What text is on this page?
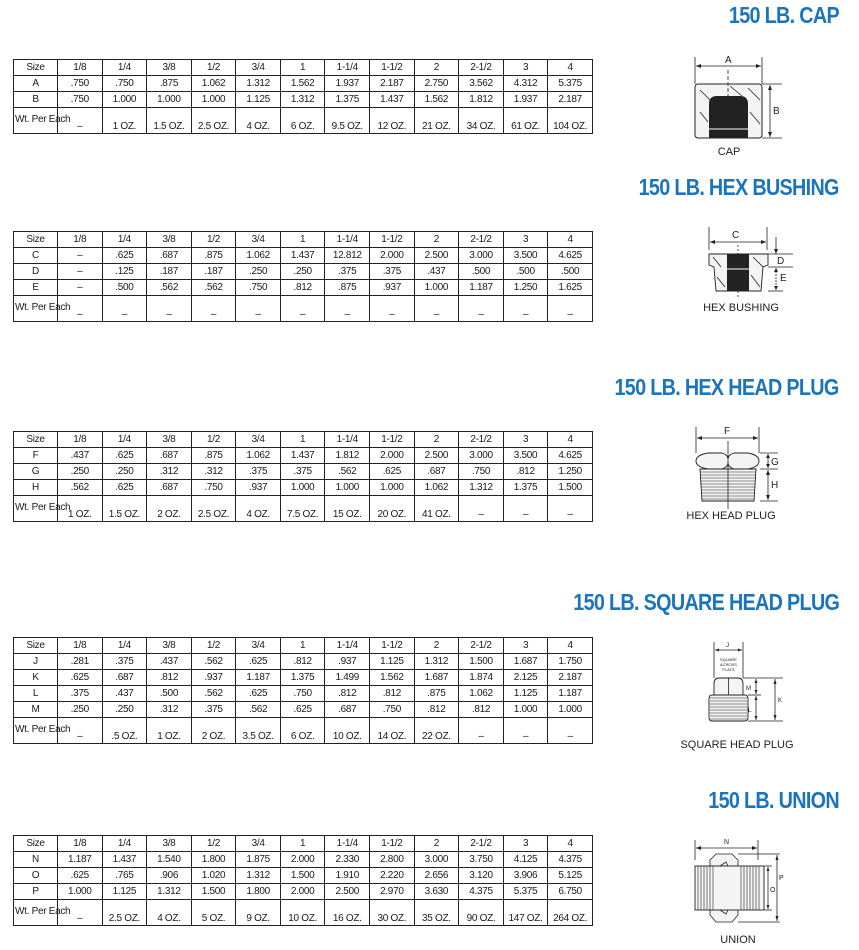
150 LB. CAP
Size	1/8	1/4	3/8	1/2	3/4	1	1-1/4	1-1/2	2	2-1/2	3	4
A	.750	.750	.875	1.062	1.312	1.562	1.937	2.187	2.750	3.562	4.312	5.375
B	.750	1.000	1.000	1.000	1.125	1.312	1.375	1.437	1.562	1.812	1.937	2.187
Wt. Per Each	–	1 OZ.	1.5 OZ.	2.5 OZ.	4 OZ.	6 OZ.	9.5 OZ.	12 OZ.	21 OZ.	34 OZ.	61 OZ.	104 OZ.
A
B
CAP
150 LB. HEX BUSHING
Size	1/8	1/4	3/8	1/2	3/4	1	1-1/4	1-1/2	2	2-1/2	3	4
C	–	.625	.687	.875	1.062	1.437	12.812	2.000	2.500	3.000	3.500	4.625
D	–	.125	.187	.187	.250	.250	.375	.375	.437	.500	.500	.500
E	–	.500	.562	.562	.750	.812	.875	.937	1.000	1.187	1.250	1.625
Wt. Per Each	–	–	–	–	–	–	–	–	–	–	–	–
C
D
E
HEX BUSHING
150 LB. HEX HEAD PLUG
Size	1/8	1/4	3/8	1/2	3/4	1	1-1/4	1-1/2	2	2-1/2	3	4
F	.437	.625	.687	.875	1.062	1.437	1.812	2.000	2.500	3.000	3.500	4.625
G	.250	.250	.312	.312	.375	.375	.562	.625	.687	.750	.812	1.250
H	.562	.625	.687	.750	.937	1.000	1.000	1.000	1.062	1.312	1.375	1.500
Wt. Per Each	1 OZ.	1.5 OZ.	2 OZ.	2.5 OZ.	4 OZ.	7.5 OZ.	15 OZ.	20 OZ.	41 OZ.	–	–	–
F
G
H
HEX HEAD PLUG
150 LB. SQUARE HEAD PLUG
Size	1/8	1/4	3/8	1/2	3/4	1	1-1/4	1-1/2	2	2-1/2	3	4
J	.281	.375	.437	.562	.625	.812	.937	1.125	1.312	1.500	1.687	1.750
K	.625	.687	.812	.937	1.187	1.375	1.499	1.562	1.687	1.874	2.125	2.187
L	.375	.437	.500	.562	.625	.750	.812	.812	.875	1.062	1.125	1.187
M	.250	.250	.312	.375	.562	.625	.687	.750	.812	.812	1.000	1.000
Wt. Per Each	–	.5 OZ.	1 OZ.	2 OZ.	3.5 OZ.	6 OZ.	10 OZ.	14 OZ.	22 OZ.	–	–	–
J
SQUARE
ACROSS
FLATS
M
L
K
SQUARE HEAD PLUG
150 LB. UNION
Size	1/8	1/4	3/8	1/2	3/4	1	1-1/4	1-1/2	2	2-1/2	3	4
N	1.187	1.437	1.540	1.800	1.875	2.000	2.330	2.800	3.000	3.750	4.125	4.375
O	.625	.765	.906	1.020	1.312	1.500	1.910	2.220	2.656	3.120	3.906	5.125
P	1.000	1.125	1.312	1.500	1.800	2.000	2.500	2.970	3.630	4.375	5.375	6.750
Wt. Per Each	–	2.5 OZ.	4 OZ.	5 OZ.	9 OZ.	10 OZ.	16 OZ.	30 OZ.	35 OZ.	90 OZ.	147 OZ.	264 OZ.
N
O
P
UNION
